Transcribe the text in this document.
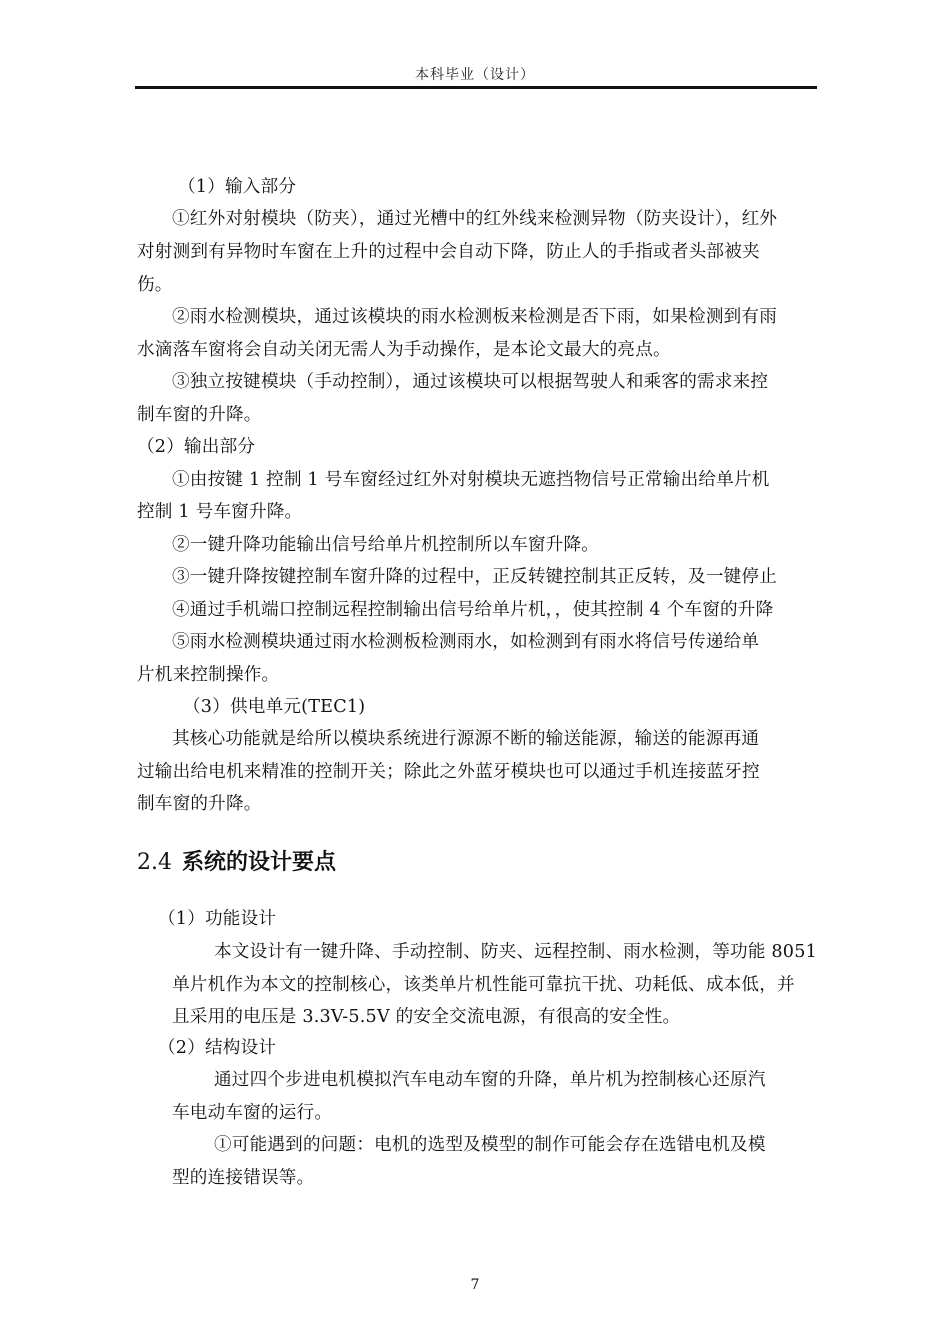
本科毕业（设计）
（1）输入部分
①红外对射模块（防夹），通过光槽中的红外线来检测异物（防夹设计），红外
对射测到有异物时车窗在上升的过程中会自动下降，防止人的手指或者头部被夹
伤。
②雨水检测模块，通过该模块的雨水检测板来检测是否下雨，如果检测到有雨
水滴落车窗将会自动关闭无需人为手动操作，是本论文最大的亮点。
③独立按键模块（手动控制），通过该模块可以根据驾驶人和乘客的需求来控
制车窗的升降。
（2）输出部分
①由按键 1 控制 1 号车窗经过红外对射模块无遮挡物信号正常输出给单片机
控制 1 号车窗升降。
②一键升降功能输出信号给单片机控制所以车窗升降。
③一键升降按键控制车窗升降的过程中，正反转键控制其正反转，及一键停止
④通过手机端口控制远程控制输出信号给单片机，，使其控制 4 个车窗的升降
⑤雨水检测模块通过雨水检测板检测雨水，如检测到有雨水将信号传递给单
片机来控制操作。
（3）供电单元(TEC1)
其核心功能就是给所以模块系统进行源源不断的输送能源，输送的能源再通
过输出给电机来精准的控制开关；除此之外蓝牙模块也可以通过手机连接蓝牙控
制车窗的升降。
2.4 系统的设计要点
（1）功能设计
本文设计有一键升降、手动控制、防夹、远程控制、雨水检测，等功能 8051
单片机作为本文的控制核心，该类单片机性能可靠抗干扰、功耗低、成本低，并
且采用的电压是 3.3V-5.5V 的安全交流电源，有很高的安全性。
（2）结构设计
通过四个步进电机模拟汽车电动车窗的升降，单片机为控制核心还原汽
车电动车窗的运行。
①可能遇到的问题：电机的选型及模型的制作可能会存在选错电机及模
型的连接错误等。
7
